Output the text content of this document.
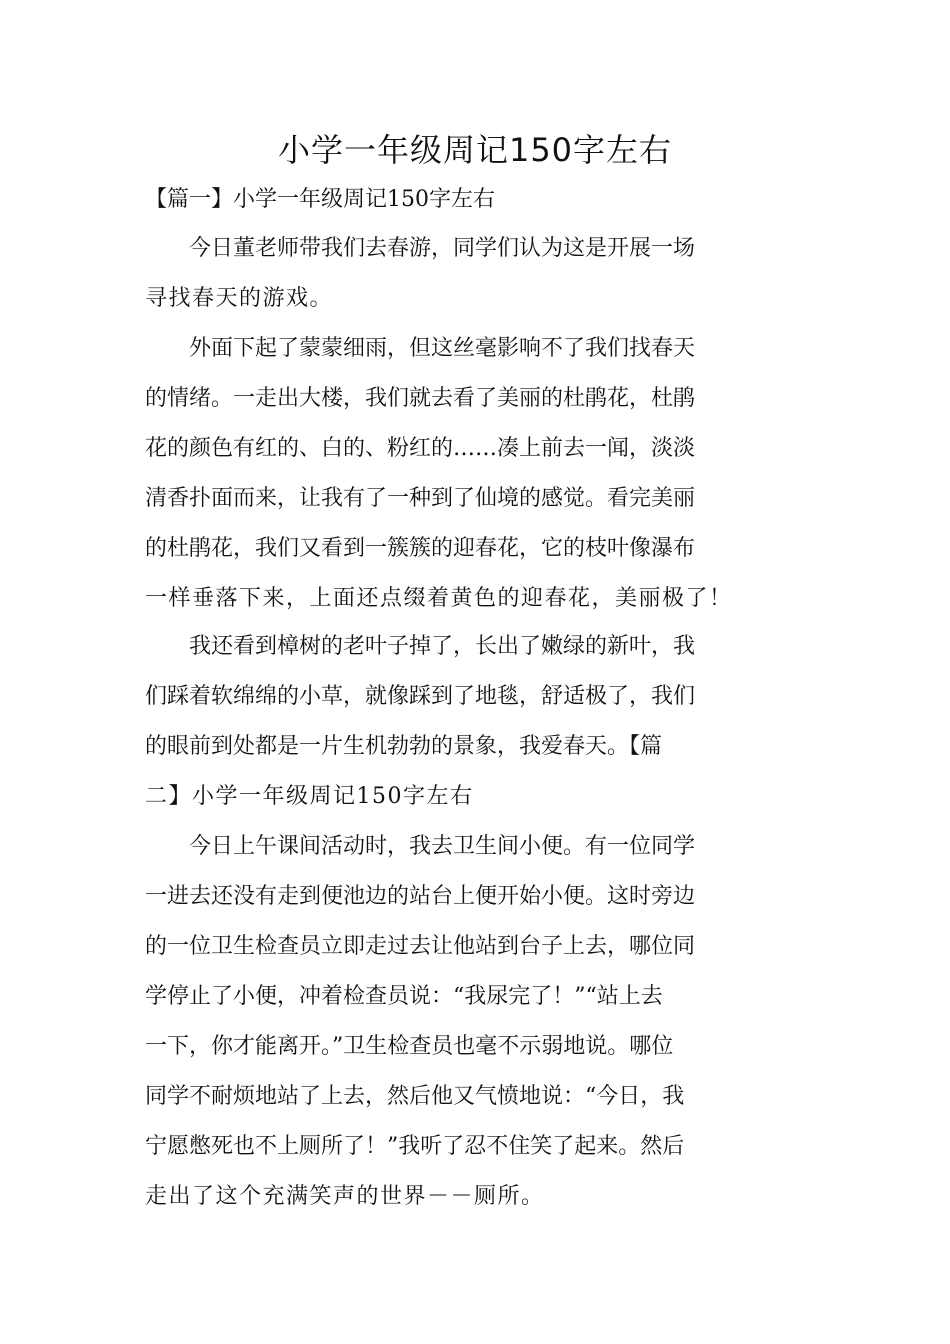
小学一年级周记150字左右
【篇一】小学一年级周记150字左右
今日董老师带我们去春游，同学们认为这是开展一场
寻找春天的游戏。
外面下起了蒙蒙细雨，但这丝毫影响不了我们找春天
的情绪。一走出大楼，我们就去看了美丽的杜鹃花，杜鹃
花的颜色有红的、白的、粉红的……凑上前去一闻，淡淡
清香扑面而来，让我有了一种到了仙境的感觉。看完美丽
的杜鹃花，我们又看到一簇簇的迎春花，它的枝叶像瀑布
一样垂落下来，上面还点缀着黄色的迎春花，美丽极了！
我还看到樟树的老叶子掉了，长出了嫩绿的新叶，我
们踩着软绵绵的小草，就像踩到了地毯，舒适极了，我们
的眼前到处都是一片生机勃勃的景象，我爱春天。【篇
二】小学一年级周记150字左右
今日上午课间活动时，我去卫生间小便。有一位同学
一进去还没有走到便池边的站台上便开始小便。这时旁边
的一位卫生检查员立即走过去让他站到台子上去，哪位同
学停止了小便，冲着检查员说：“我尿完了！”“站上去
一下，你才能离开。”卫生检查员也毫不示弱地说。哪位
同学不耐烦地站了上去，然后他又气愤地说：“今日，我
宁愿憋死也不上厕所了！”我听了忍不住笑了起来。然后
走出了这个充满笑声的世界－－厕所。
